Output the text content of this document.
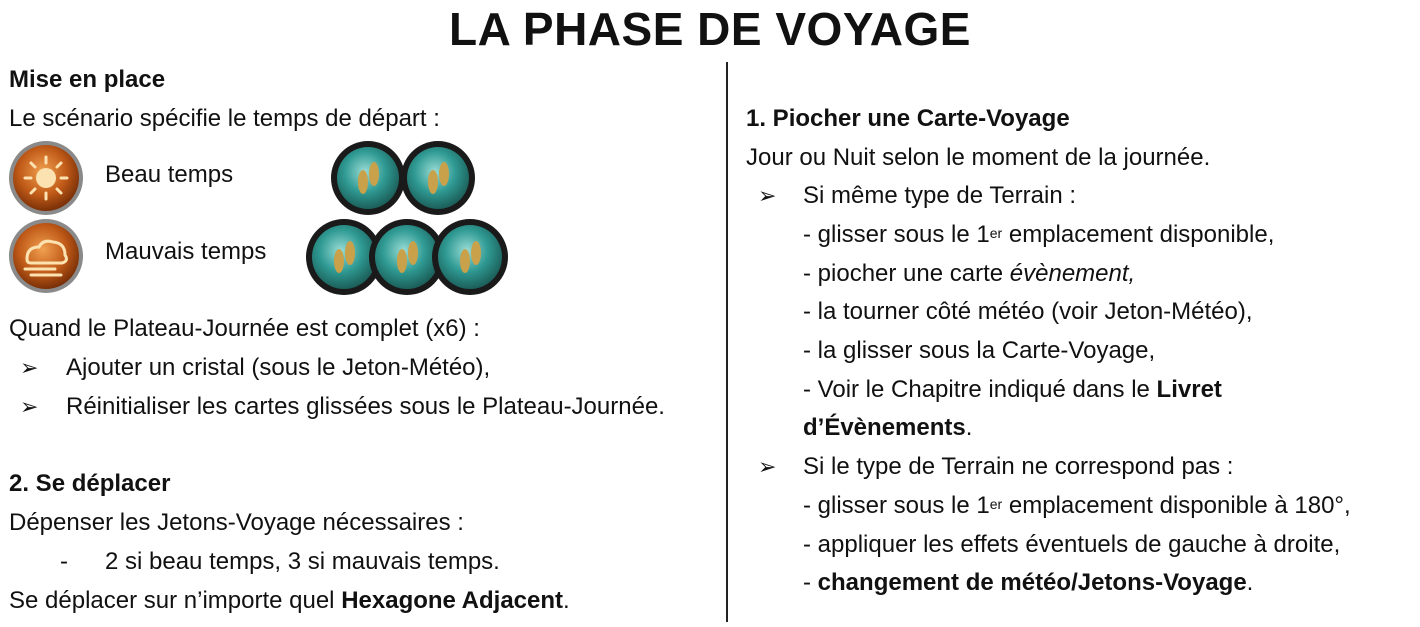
LA PHASE DE VOYAGE
Mise en place
Le scénario spécifie le temps de départ :
Beau temps
Mauvais temps
Quand le Plateau-Journée est complet (x6) :
➢ Ajouter un cristal (sous le Jeton-Météo),
➢ Réinitialiser les cartes glissées sous le Plateau-Journée.
2. Se déplacer
Dépenser les Jetons-Voyage nécessaires :
- 2 si beau temps, 3 si mauvais temps.
Se déplacer sur n’importe quel Hexagone Adjacent.
1. Piocher une Carte-Voyage
Jour ou Nuit selon le moment de la journée.
➢ Si même type de Terrain :
- glisser sous le 1er emplacement disponible,
- piocher une carte évènement,
- la tourner côté météo (voir Jeton-Météo),
- la glisser sous la Carte-Voyage,
- Voir le Chapitre indiqué dans le Livret
d’Évènements.
➢ Si le type de Terrain ne correspond pas :
- glisser sous le 1er emplacement disponible à 180°,
- appliquer les effets éventuels de gauche à droite,
- changement de météo/Jetons-Voyage.
